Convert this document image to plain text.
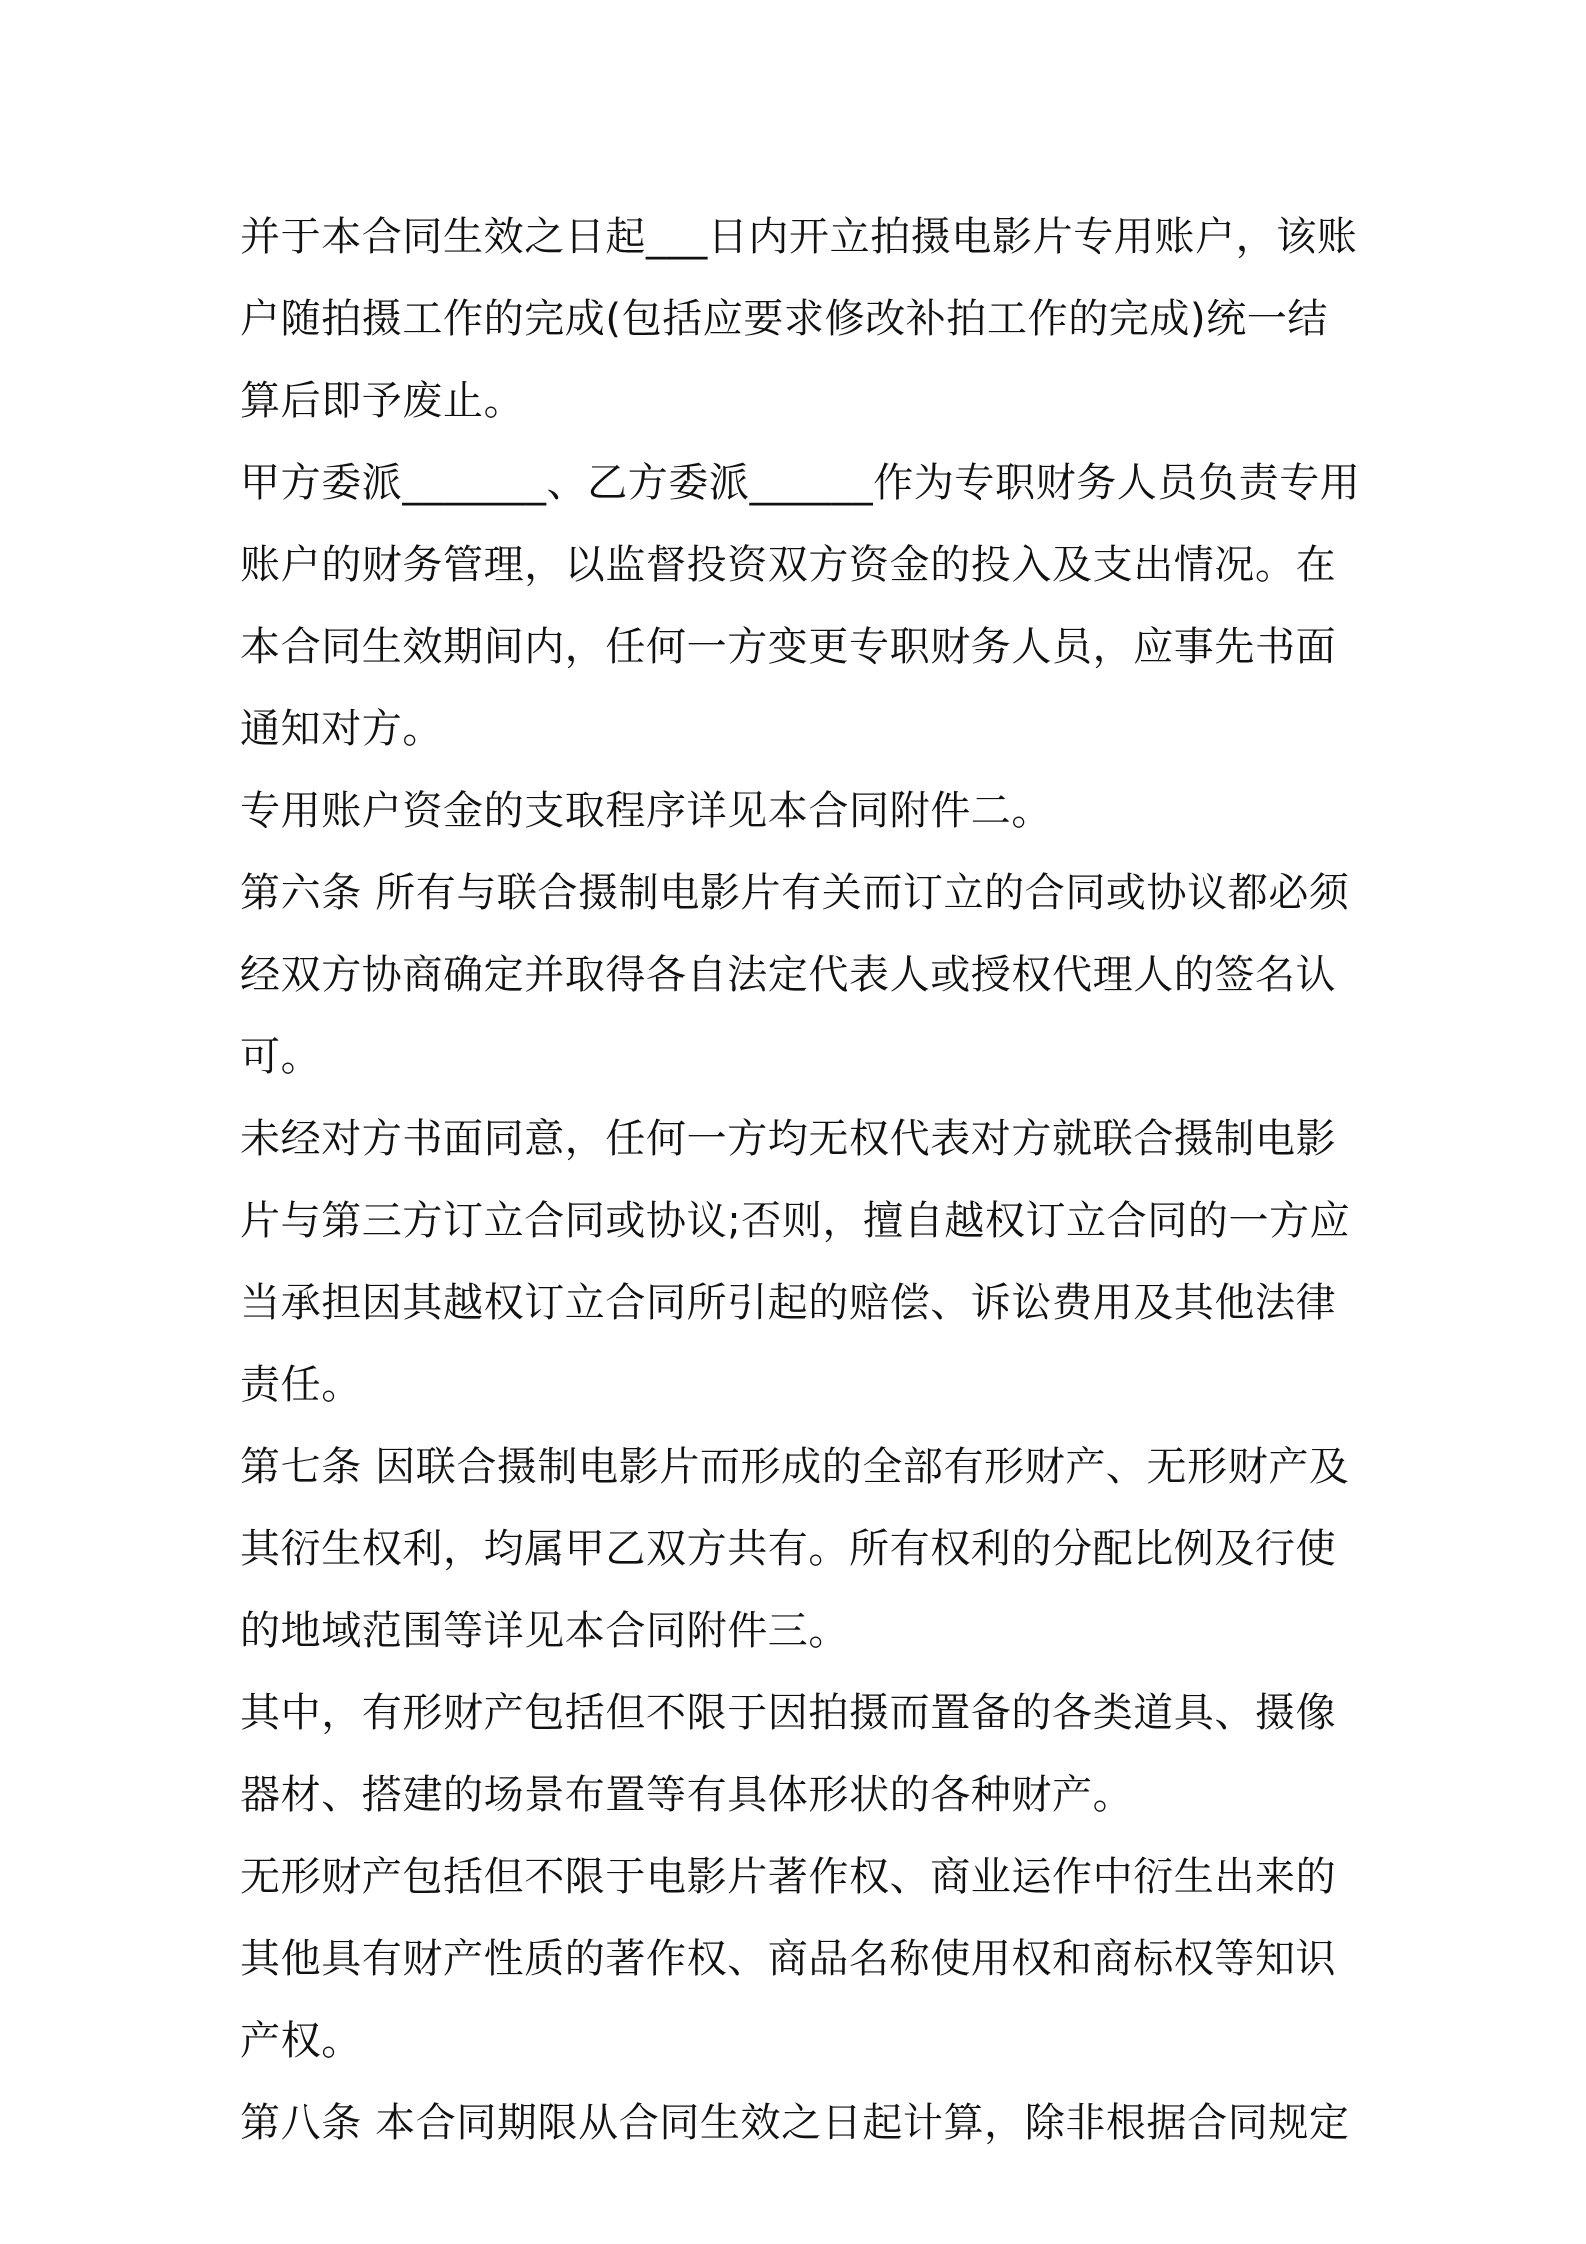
并于本合同生效之日起___日内开立拍摄电影片专用账户，该账户随拍摄工作的完成(包括应要求修改补拍工作的完成)统一结算后即予废止。

甲方委派_______、乙方委派______作为专职财务人员负责专用账户的财务管理，以监督投资双方资金的投入及支出情况。在本合同生效期间内，任何一方变更专职财务人员，应事先书面通知对方。

专用账户资金的支取程序详见本合同附件二。

第六条 所有与联合摄制电影片有关而订立的合同或协议都必须经双方协商确定并取得各自法定代表人或授权代理人的签名认可。

未经对方书面同意，任何一方均无权代表对方就联合摄制电影片与第三方订立合同或协议;否则，擅自越权订立合同的一方应当承担因其越权订立合同所引起的赔偿、诉讼费用及其他法律责任。

第七条 因联合摄制电影片而形成的全部有形财产、无形财产及其衍生权利，均属甲乙双方共有。所有权利的分配比例及行使的地域范围等详见本合同附件三。

其中，有形财产包括但不限于因拍摄而置备的各类道具、摄像器材、搭建的场景布置等有具体形状的各种财产。

无形财产包括但不限于电影片著作权、商业运作中衍生出来的其他具有财产性质的著作权、商品名称使用权和商标权等知识产权。

第八条 本合同期限从合同生效之日起计算，除非根据合同规定
